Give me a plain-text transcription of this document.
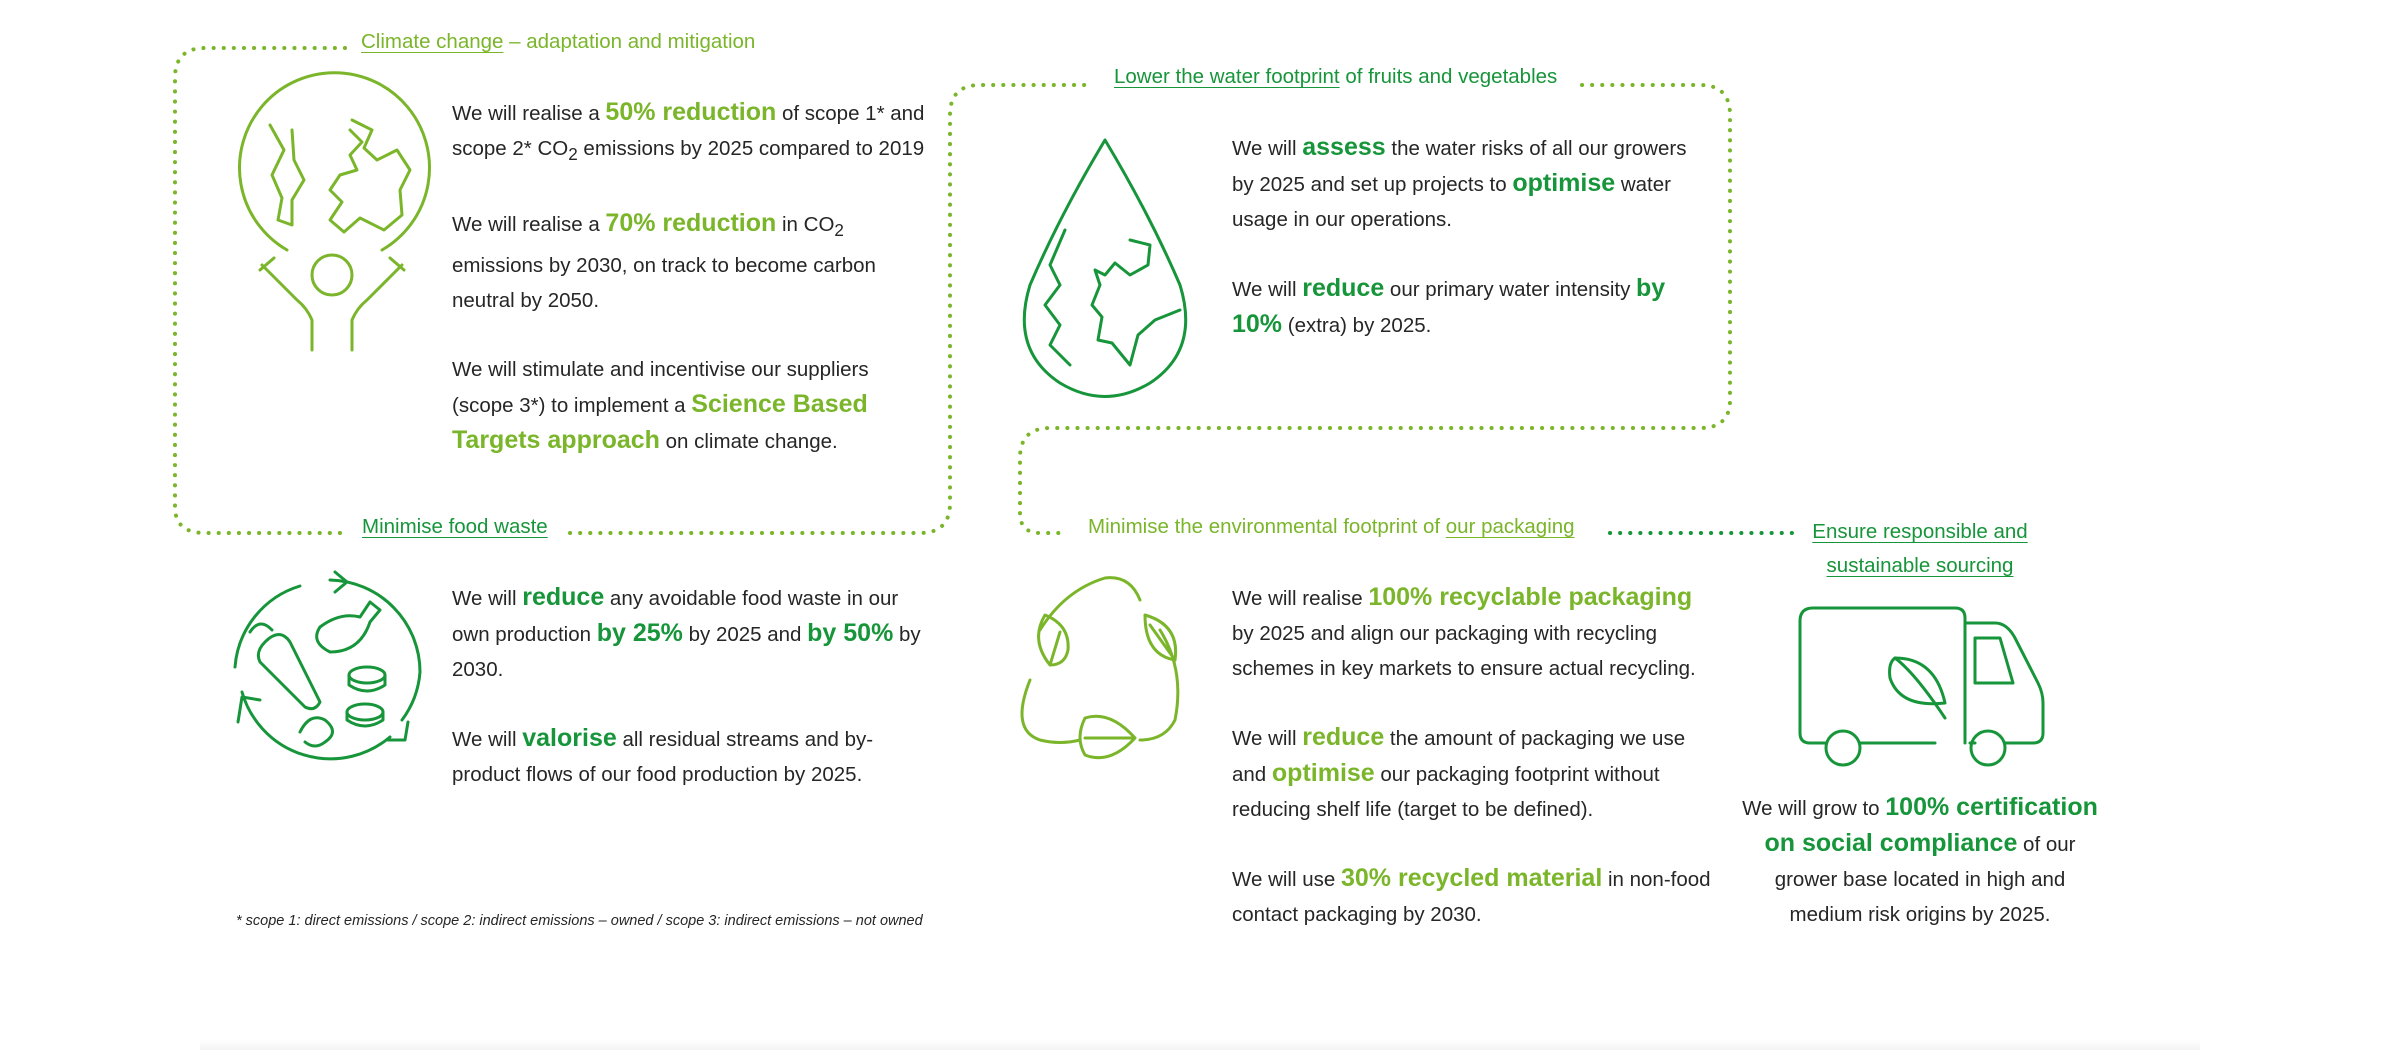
Climate change – adaptation and mitigation
Lower the water footprint of fruits and vegetables
Minimise food waste	Minimise the environmental footprint of our packaging	Ensure responsible and
sustainable sourcing

We will realise a 50% reduction of scope 1* and scope 2* $CO_2$ emissions by 2025 compared to 2019

We will realise a 70% reduction in $CO_2$ emissions by 2030, on track to become carbon neutral by 2050.

We will stimulate and incentivise our suppliers (scope 3*) to implement a Science Based Targets approach on climate change.

We will assess the water risks of all our growers by 2025 and set up projects to optimise water usage in our operations.

We will reduce our primary water intensity by 10% (extra) by 2025.

We will reduce any avoidable food waste in our own production by 25% by 2025 and by 50% by 2030.

We will valorise all residual streams and by-product flows of our food production by 2025.

We will realise 100% recyclable packaging by 2025 and align our packaging with recycling schemes in key markets to ensure actual recycling.

We will reduce the amount of packaging we use and optimise our packaging footprint without reducing shelf life (target to be defined).

We will use 30% recycled material in non-food contact packaging by 2030.

We will grow to 100% certification on social compliance of our grower base located in high and medium risk origins by 2025.

* scope 1: direct emissions / scope 2: indirect emissions – owned / scope 3: indirect emissions – not owned
